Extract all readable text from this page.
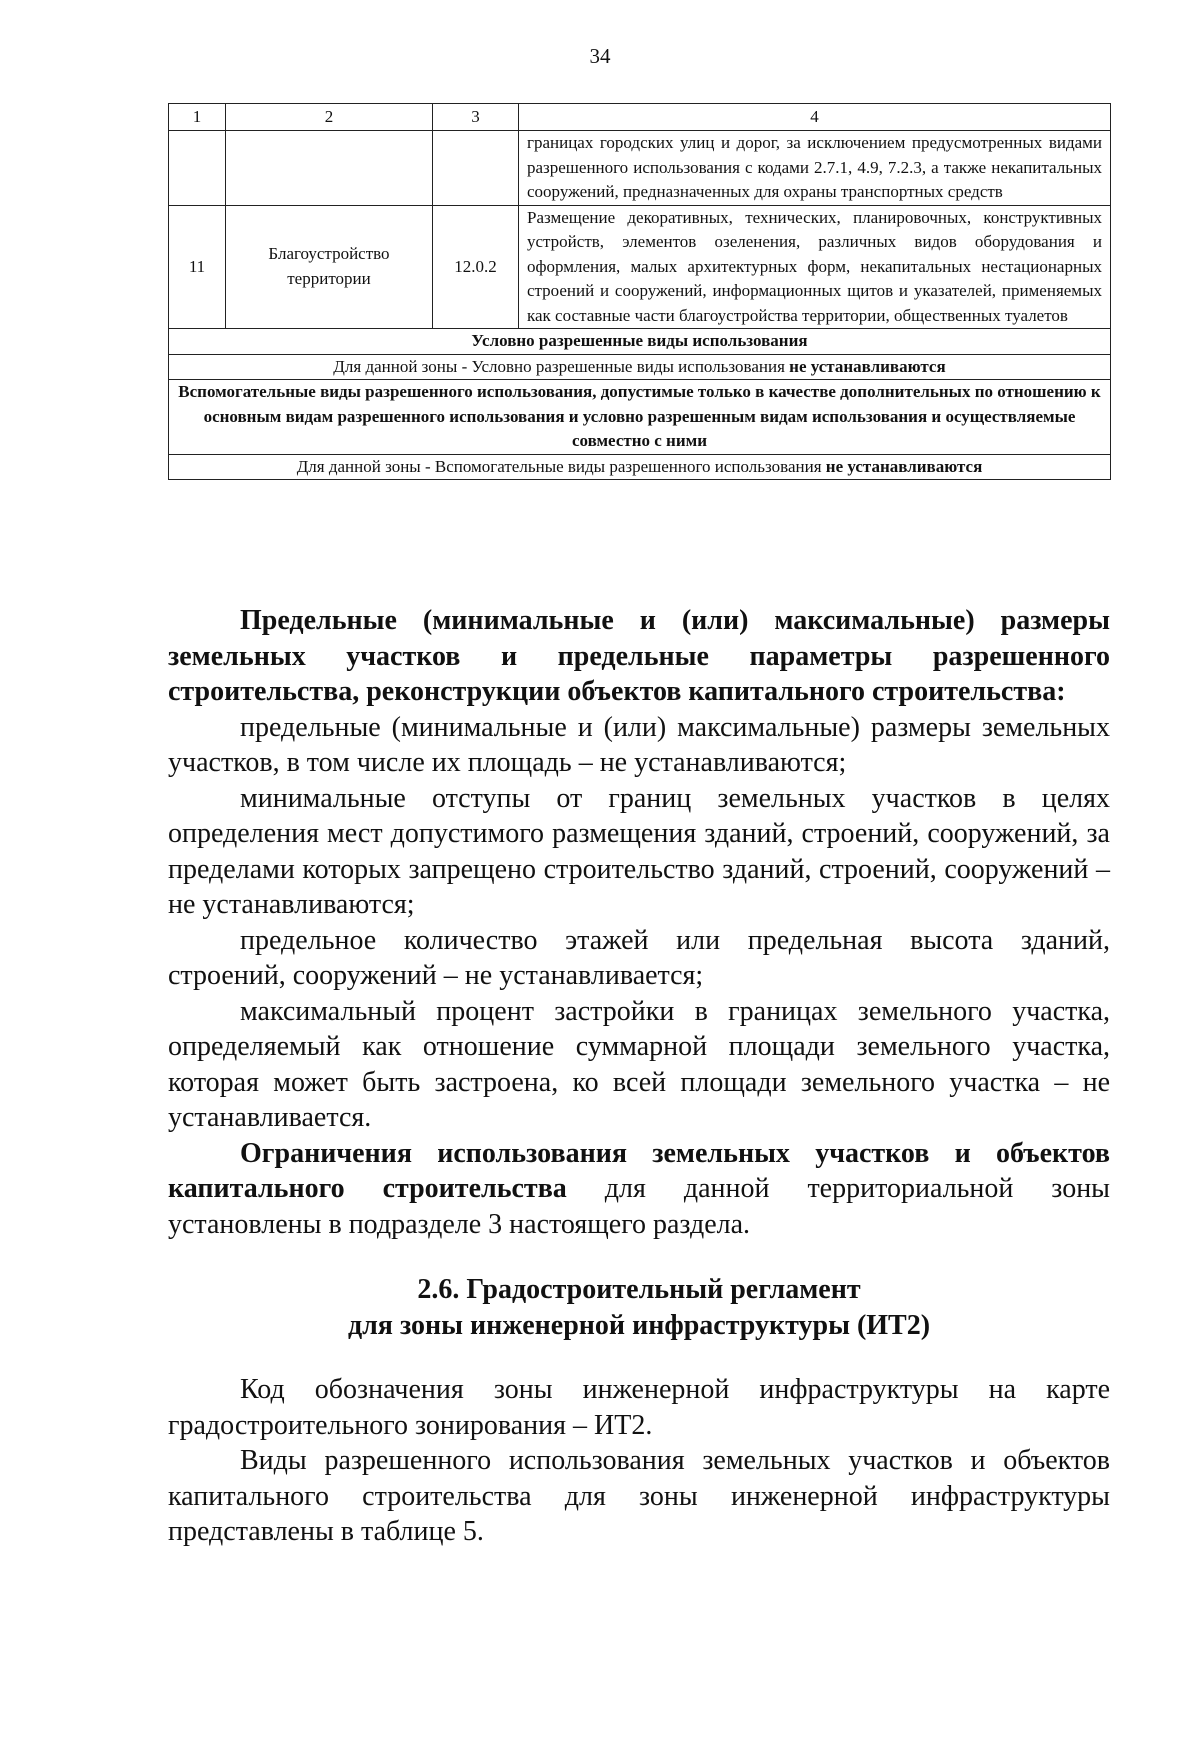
34
1	2	3	4
			границах городских улиц и дорог, за исключением предусмотренных видами разрешенного использования с кодами 2.7.1, 4.9, 7.2.3, а также некапитальных сооружений, предназначенных для охраны транспортных средств
11	Благоустройство территории	12.0.2	Размещение декоративных, технических, планировочных, конструктивных устройств, элементов озеленения, различных видов оборудования и оформления, малых архитектурных форм, некапитальных нестационарных строений и сооружений, информационных щитов и указателей, применяемых как составные части благоустройства территории, общественных туалетов
Условно разрешенные виды использования			
Для данной зоны - Условно разрешенные виды использования не устанавливаются			
Вспомогательные виды разрешенного использования, допустимые только в качестве дополнительных по отношению к основным видам разрешенного использования и условно разрешенным видам использования и осуществляемые совместно с ними			
Для данной зоны - Вспомогательные виды разрешенного использования не устанавливаются			

Предельные (минимальные и (или) максимальные) размеры земельных участков и предельные параметры разрешенного строительства, реконструкции объектов капитального строительства:

предельные (минимальные и (или) максимальные) размеры земельных участков, в том числе их площадь – не устанавливаются;

минимальные отступы от границ земельных участков в целях определения мест допустимого размещения зданий, строений, сооружений, за пределами которых запрещено строительство зданий, строений, сооружений – не устанавливаются;

предельное количество этажей или предельная высота зданий, строений, сооружений – не устанавливается;

максимальный процент застройки в границах земельного участка, определяемый как отношение суммарной площади земельного участка, которая может быть застроена, ко всей площади земельного участка – не устанавливается.

Ограничения использования земельных участков и объектов капитального строительства для данной территориальной зоны установлены в подразделе 3 настоящего раздела.

2.6. Градостроительный регламент
для зоны инженерной инфраструктуры (ИТ2)

Код обозначения зоны инженерной инфраструктуры на карте градостроительного зонирования – ИТ2.

Виды разрешенного использования земельных участков и объектов капитального строительства для зоны инженерной инфраструктуры представлены в таблице 5.
